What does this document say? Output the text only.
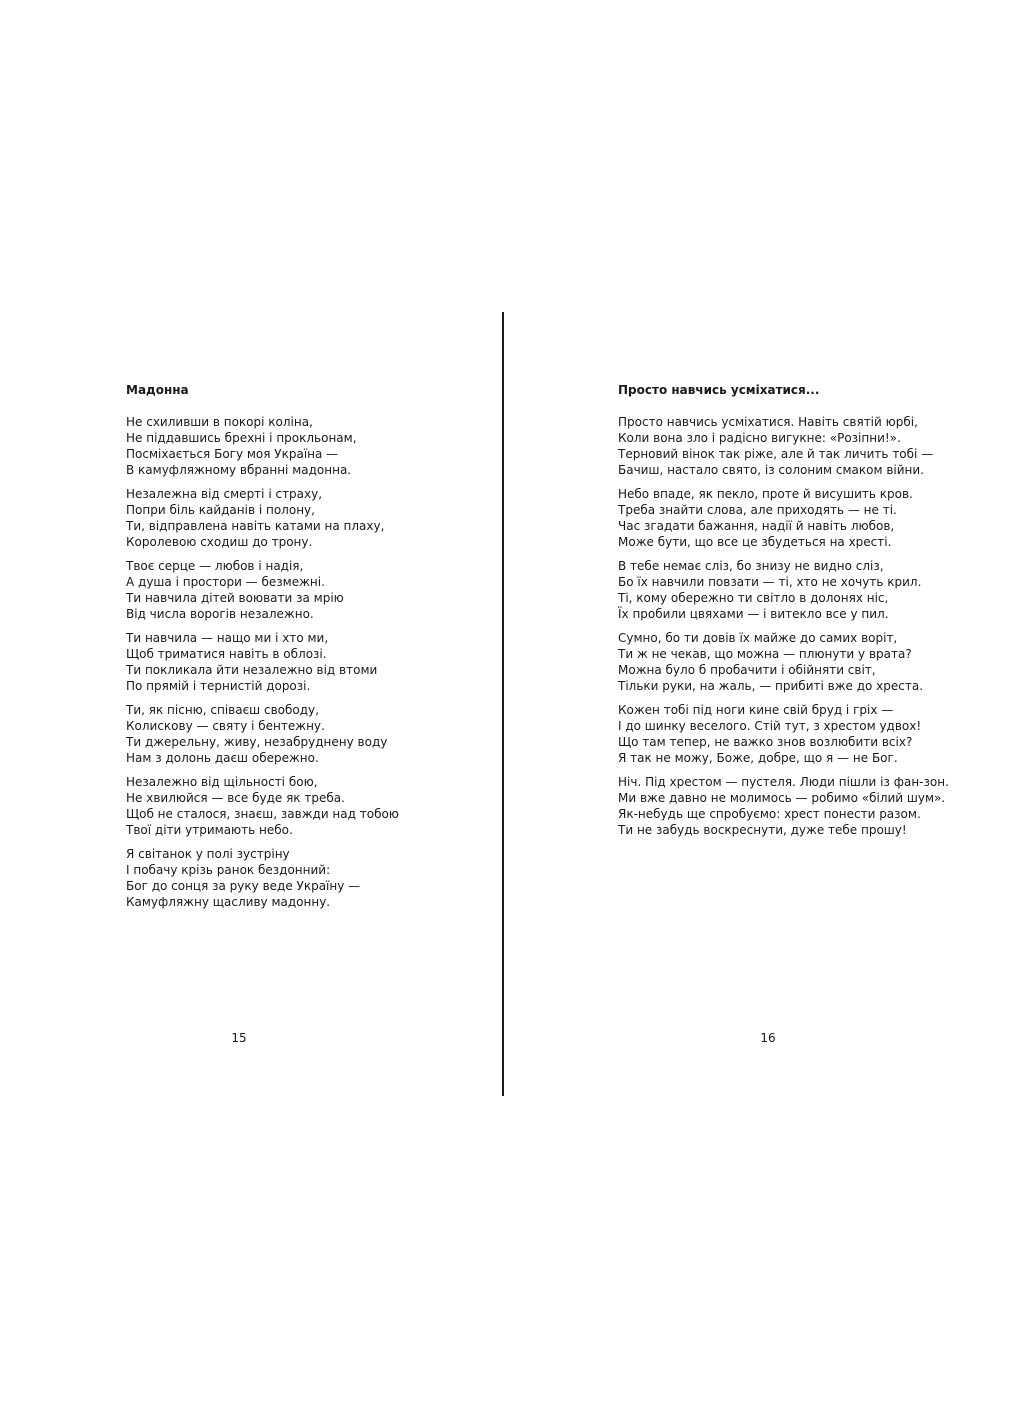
Мадонна
Не схиливши в покорі коліна,
Не піддавшись брехні і прокльонам,
Посміхається Богу моя Україна —
В камуфляжному вбранні мадонна.
Незалежна від смерті і страху,
Попри біль кайданів і полону,
Ти, відправлена навіть катами на плаху,
Королевою сходиш до трону.
Твоє серце — любов і надія,
А душа і простори — безмежні.
Ти навчила дітей воювати за мрію
Від числа ворогів незалежно.
Ти навчила — нащо ми і хто ми,
Щоб триматися навіть в облозі.
Ти покликала йти незалежно від втоми
По прямій і тернистій дорозі.
Ти, як пісню, співаєш свободу,
Колискову — святу і бентежну.
Ти джерельну, живу, незабруднену воду
Нам з долонь даєш обережно.
Незалежно від щільності бою,
Не хвилюйся — все буде як треба.
Щоб не сталося, знаєш, завжди над тобою
Твої діти утримають небо.
Я світанок у полі зустріну
І побачу крізь ранок бездонний:
Бог до сонця за руку веде Україну —
Камуфляжну щасливу мадонну.
15
Просто навчись усміхатися...
Просто навчись усміхатися. Навіть святій юрбі,
Коли вона зло і радісно вигукне: «Розіпни!».
Терновий вінок так ріже, але й так личить тобі —
Бачиш, настало свято, із солоним смаком війни.
Небо впаде, як пекло, проте й висушить кров.
Треба знайти слова, але приходять — не ті.
Час згадати бажання, надії й навіть любов,
Може бути, що все це збудеться на хресті.
В тебе немає сліз, бо знизу не видно сліз,
Бо їх навчили повзати — ті, хто не хочуть крил.
Ті, кому обережно ти світло в долонях ніс,
Їх пробили цвяхами — і витекло все у пил.
Сумно, бо ти довів їх майже до самих воріт,
Ти ж не чекав, що можна — плюнути у врата?
Можна було б пробачити і обійняти світ,
Тільки руки, на жаль, — прибиті вже до хреста.
Кожен тобі під ноги кине свій бруд і гріх —
І до шинку веселого. Стій тут, з хрестом удвох!
Що там тепер, не важко знов возлюбити всіх?
Я так не можу, Боже, добре, що я — не Бог.
Ніч. Під хрестом — пустеля. Люди пішли із фан-зон.
Ми вже давно не молимось — робимо «білий шум».
Як-небудь ще спробуємо: хрест понести разом.
Ти не забудь воскреснути, дуже тебе прошу!
16
